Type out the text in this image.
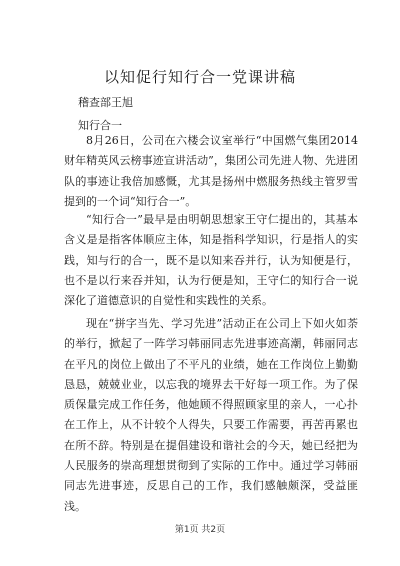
以知促行知行合一党课讲稿
稽查部王旭
知行合一
8月26日，公司在六楼会议室举行“中国燃气集团2014财年精英风云榜事迹宣讲活动”，集团公司先进人物、先进团队的事迹让我倍加感慨，尤其是扬州中燃服务热线主管罗雪提到的一个词“知行合一”。
“知行合一”最早是由明朝思想家王守仁提出的，其基本含义是是指客体顺应主体，知是指科学知识，行是指人的实践，知与行的合一，既不是以知来吞并行，认为知便是行，也不是以行来吞并知，认为行便是知，王守仁的知行合一说深化了道德意识的自觉性和实践性的关系。
现在“拼字当先、学习先进”活动正在公司上下如火如荼的举行，掀起了一阵学习韩丽同志先进事迹高潮，韩丽同志在平凡的岗位上做出了不平凡的业绩，她在工作岗位上勤勤恳恳，兢兢业业，以忘我的境界去干好每一项工作。为了保质保量完成工作任务，他她顾不得照顾家里的亲人，一心扑在工作上，从不计较个人得失，只要工作需要，再苦再累也在所不辞。特别是在提倡建设和谐社会的今天，她已经把为人民服务的崇高理想贯彻到了实际的工作中。通过学习韩丽同志先进事迹，反思自己的工作，我们感触颇深，受益匪浅。
第1页 共2页
